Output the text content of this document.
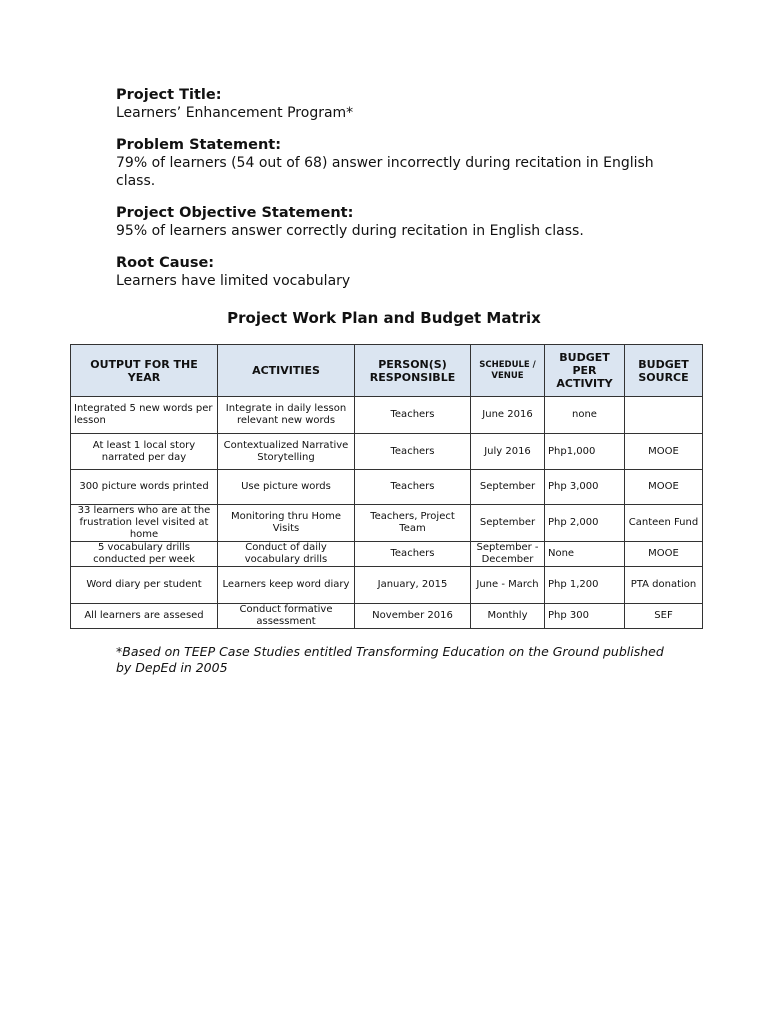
Project Title:
Learners’ Enhancement Program*
Problem Statement:
79% of learners (54 out of 68) answer incorrectly during recitation in English class.
Project Objective Statement:
95% of learners answer correctly during recitation in English class.
Root Cause:
Learners have limited vocabulary
Project Work Plan and Budget Matrix
OUTPUT FOR THE YEAR	ACTIVITIES	PERSON(S) RESPONSIBLE	SCHEDULE / VENUE	BUDGET PER ACTIVITY	BUDGET SOURCE
Integrated 5 new words per lesson	Integrate in daily lesson relevant new words	Teachers	June 2016	none	
At least 1 local story narrated per day	Contextualized Narrative Storytelling	Teachers	July 2016	Php1,000	MOOE
300 picture words printed	Use picture words	Teachers	September	Php 3,000	MOOE
33 learners who are at the frustration level visited at home	Monitoring thru Home Visits	Teachers, Project Team	September	Php 2,000	Canteen Fund
5 vocabulary drills conducted per week	Conduct of daily vocabulary drills	Teachers	September -December	None	MOOE
Word diary per student	Learners keep word diary	January, 2015	June - March	Php 1,200	PTA donation
All learners are assesed	Conduct formative assessment	November 2016	Monthly	Php 300	SEF
*Based on TEEP Case Studies entitled Transforming Education on the Ground published by DepEd in 2005
